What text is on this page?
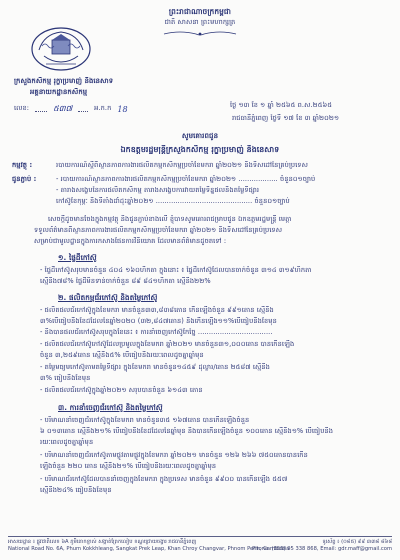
ព្រះរាជាណាចក្រកម្ពុជា
ជាតិ សាសនា ព្រះមហាក្សត្រ
ក្រសួងកសិកម្ម រុក្ខាប្រមាញ់ និងនេសាទ
អគ្គនាយកដ្ឋានកសិកម្ម
លេខ:	៥៣៧	អ.ក.ក 18	ថ្ងៃ ១៣ ខែ ១ ឆ្នាំ ២៥៦៥ ព.ស.២៥៦៥
រាជធានីភ្នំពេញ ថ្ងៃទី ១៧ ខែ ៣ ឆ្នាំ២០២១
សូមគោរពជូន
ឯកឧត្តមរដ្ឋមន្ត្រីក្រសួងកសិកម្ម រុក្ខាប្រមាញ់ និងនេសាទ
កម្មវត្ថុ :	របាយការណ៍ស្ដីពីស្ថានភាពការងារផលិតកម្មកសិកម្មប្រចាំខែមករា ឆ្នាំ២០២១ និងទិសដៅនៃគ្រប់ប្រទេស
ជូនភ្ជាប់ :	- របាយការណ៍ស្ថានភាពការងារផលិតកម្មកសិកម្មប្រចាំខែមករា ឆ្នាំ២០២១ .................. ចំនួន០១ច្បាប់
- តារាងសង្ខេបនៃការផលិតកសិកម្ម តារាងសង្ខេបការវាយតម្លៃទិន្នផលនិងតម្លៃទីផ្សារ
កៅស៊ូខែកុម្ភៈ និងទីតាំងដាំដុះឆ្នាំ២០២១ ............................................ ចំនួន០១ច្បាប់
សេចក្ដីដូចមានចែងក្នុងកម្មវត្ថុ និងជូនភ្ជាប់ខាងលើ ខ្ញុំបាទសូមគោរពជម្រាបជូន ឯកឧត្តមរដ្ឋមន្ត្រី មេត្តា
ទទួលព័ត៌មានពីស្ថានភាពការងារផលិតកម្មកសិកម្មប្រចាំខែមករា ឆ្នាំ២០២១ និងទិសដៅនៃគ្រប់ប្រទេស
សម្រាប់ជាមូលដ្ឋានក្នុងការកសាងផែនការវិនិយោគ ដែលមានព័ត៌មានដូចតទៅ :
១. ផ្ទៃដីកៅស៊ូ
- ផ្ទៃដីកៅស៊ូសរុបមានចំនួន ៤០៤ ១៦០ហិកតា ក្នុងនោះ ៖ ផ្ទៃដីកៅស៊ូដែលបានចាក់ចំនួន ៣១៤ ៣១៩ហិកតា
ស្មើនឹង៧៨% ផ្ទៃដីមិនទាន់ចាក់ចំនួន ៨៩ ៨៤១ហិកតា ស្មើនឹង២២%
២. ផលិតកម្មជ័រកៅស៊ូ និងតម្លៃកៅស៊ូ
- ផលិតផលជ័រកៅស៊ូក្នុងខែមករា មានចំនួន៣៣,៨៣៨តោន កើនឡើងចំនួន ៩៩១តោន ស្មើនឹង
៣%បើធៀបនឹងខែដដែលនៃឆ្នាំ២០២០ (៣២,៨៤៧តោន) និងកើនឡើង១១%បើធៀបនឹងខែមុន
- និងបានផលជ័រកៅស៊ូសរុបក្នុងខែនេះ ៖ ការនាំចេញកៅស៊ូកែច្នៃ ..................................
- ផលិតផលជ័រកៅស៊ូកៅស៊ូដែលប្រមូលក្នុងខែមករា ឆ្នាំ២០២១ មានចំនួន៣១,០០០តោន បានកើនឡើង
ចំនួន ៣,២៥៩តោន ស្មើនឹង៥% បើធៀបនឹងរយៈពេលដូចគ្នាឆ្នាំមុន
- តម្លៃមធ្យមកៅស៊ូតាមតម្លៃទីផ្សារ ក្នុងខែមករា មានចំនួន១៤៥៩ ដុល្លារ/តោន ២៥៨៧ ស្មើនឹង
៣% ធៀបនឹងខែមុន
- ផលិតផលជ័រកៅស៊ូក្នុងឆ្នាំ២០២១ សរុបបានចំនួន ៦១៤៣ តោន
៣. ការនាំចេញជ័រកៅស៊ូ និងតម្លៃកៅស៊ូ
- បរិមាណនាំចេញជ័រកៅស៊ូក្នុងខែមករា មានចំនួន៣៥ ១៦៧តោន បានកើនឡើងចំនួន
៦ ០១៣តោន ស្មើនឹង២១% បើធៀបនឹងខែដដែលនៃឆ្នាំមុន និងបានកើនឡើងចំនួន ១០០តោន ស្មើនឹង១% បើធៀបនឹង
រយៈពេលដូចគ្នាឆ្នាំមុន
- បរិមាណនាំចេញជ័រកៅស៊ូតាមផ្លូវតាមផ្លូវក្នុងខែមករា ឆ្នាំ២០២១ មានចំនួន ១២៦ ២៦៦ ៧៥០តោនបានកើន
ឡើងចំនួន ២២០ តោន ស្មើនឹង២១% បើធៀបនឹងរយៈពេលដូចគ្នាឆ្នាំមុន
- បរិមាណជ័រកៅស៊ូដែលបាននាំចេញក្នុងខែមករា ក្នុងប្រទេស មានចំនួន ៩៩០០ បានកើនឡើង ៥៥៧
ស្មើនឹង២៤% ធៀបនឹងខែមុន
អាសយដ្ឋាន ៖ ផ្លូវជាតិលេខ ៦A ភូមិគោកខ្ចាស់ សង្កាត់ព្រែកលៀប ខណ្ឌជ្រោយចង្វារ រាជធានីភ្នំពេញ
National Road No. 6A, Phum Kokkhleang, Sangkat Prek Leap, Khan Chroy Changvar, Phnom Penh, Cambodia
ទូរស័ព្ទ ៖ (០៨៥) ៩៩ ៣៣៨ ៨៦៨
Phone: (855) 95 338 868, Email: gdr.maff@gmail.com
